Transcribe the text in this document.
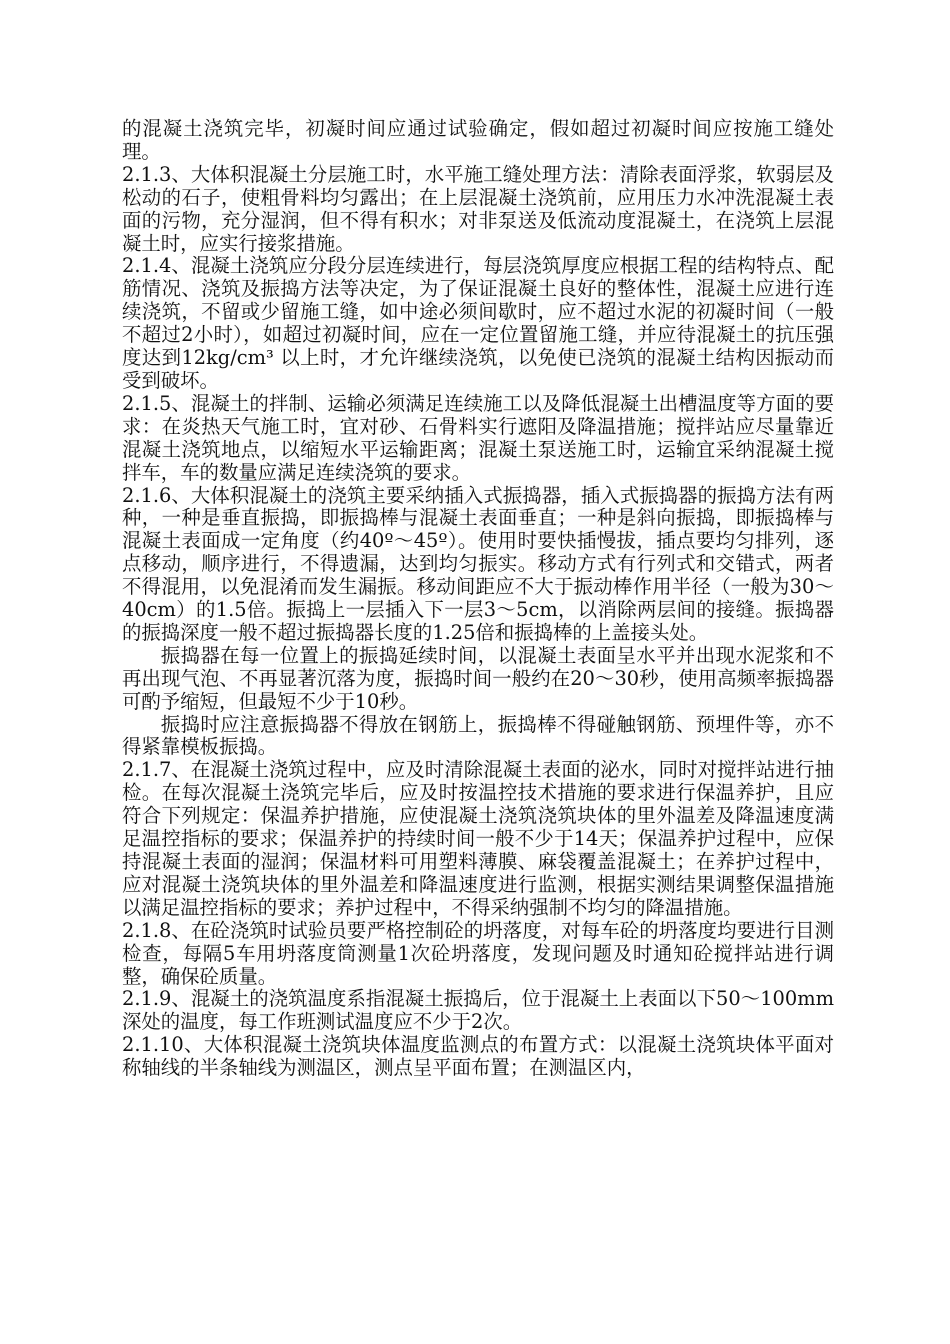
的混凝土浇筑完毕，初凝时间应通过试验确定，假如超过初凝时间应按施工缝处理。

2.1.3、大体积混凝土分层施工时，水平施工缝处理方法：清除表面浮浆，软弱层及松动的石子，使粗骨料均匀露出；在上层混凝土浇筑前，应用压力水冲洗混凝土表面的污物，充分湿润，但不得有积水；对非泵送及低流动度混凝土，在浇筑上层混凝土时，应实行接浆措施。

2.1.4、混凝土浇筑应分段分层连续进行，每层浇筑厚度应根据工程的结构特点、配筋情况、浇筑及振捣方法等决定，为了保证混凝土良好的整体性，混凝土应进行连续浇筑，不留或少留施工缝，如中途必须间歇时，应不超过水泥的初凝时间（一般不超过2小时），如超过初凝时间，应在一定位置留施工缝，并应待混凝土的抗压强度达到12kg/cm³ 以上时，才允许继续浇筑，以免使已浇筑的混凝土结构因振动而受到破坏。

2.1.5、混凝土的拌制、运输必须满足连续施工以及降低混凝土出槽温度等方面的要求：在炎热天气施工时，宜对砂、石骨料实行遮阳及降温措施；搅拌站应尽量靠近混凝土浇筑地点，以缩短水平运输距离；混凝土泵送施工时，运输宜采纳混凝土搅拌车，车的数量应满足连续浇筑的要求。

2.1.6、大体积混凝土的浇筑主要采纳插入式振捣器，插入式振捣器的振捣方法有两种，一种是垂直振捣，即振捣棒与混凝土表面垂直；一种是斜向振捣，即振捣棒与混凝土表面成一定角度（约40º～45º）。使用时要快插慢拔，插点要均匀排列，逐点移动，顺序进行，不得遗漏，达到均匀振实。移动方式有行列式和交错式，两者不得混用，以免混淆而发生漏振。移动间距应不大于振动棒作用半径（一般为30～40cm）的1.5倍。振捣上一层插入下一层3～5cm，以消除两层间的接缝。振捣器的振捣深度一般不超过振捣器长度的1.25倍和振捣棒的上盖接头处。

振捣器在每一位置上的振捣延续时间，以混凝土表面呈水平并出现水泥浆和不再出现气泡、不再显著沉落为度，振捣时间一般约在20～30秒，使用高频率振捣器可酌予缩短，但最短不少于10秒。

振捣时应注意振捣器不得放在钢筋上，振捣棒不得碰触钢筋、预埋件等，亦不得紧靠模板振捣。

2.1.7、在混凝土浇筑过程中，应及时清除混凝土表面的泌水，同时对搅拌站进行抽检。在每次混凝土浇筑完毕后，应及时按温控技术措施的要求进行保温养护，且应符合下列规定：保温养护措施，应使混凝土浇筑浇筑块体的里外温差及降温速度满足温控指标的要求；保温养护的持续时间一般不少于14天；保温养护过程中，应保持混凝土表面的湿润；保温材料可用塑料薄膜、麻袋覆盖混凝土；在养护过程中，应对混凝土浇筑块体的里外温差和降温速度进行监测，根据实测结果调整保温措施以满足温控指标的要求；养护过程中，不得采纳强制不均匀的降温措施。

2.1.8、在砼浇筑时试验员要严格控制砼的坍落度，对每车砼的坍落度均要进行目测检查，每隔5车用坍落度筒测量1次砼坍落度，发现问题及时通知砼搅拌站进行调整，确保砼质量。

2.1.9、混凝土的浇筑温度系指混凝土振捣后，位于混凝土上表面以下50～100mm深处的温度，每工作班测试温度应不少于2次。

2.1.10、大体积混凝土浇筑块体温度监测点的布置方式：以混凝土浇筑块体平面对称轴线的半条轴线为测温区，测点呈平面布置；在测温区内，
